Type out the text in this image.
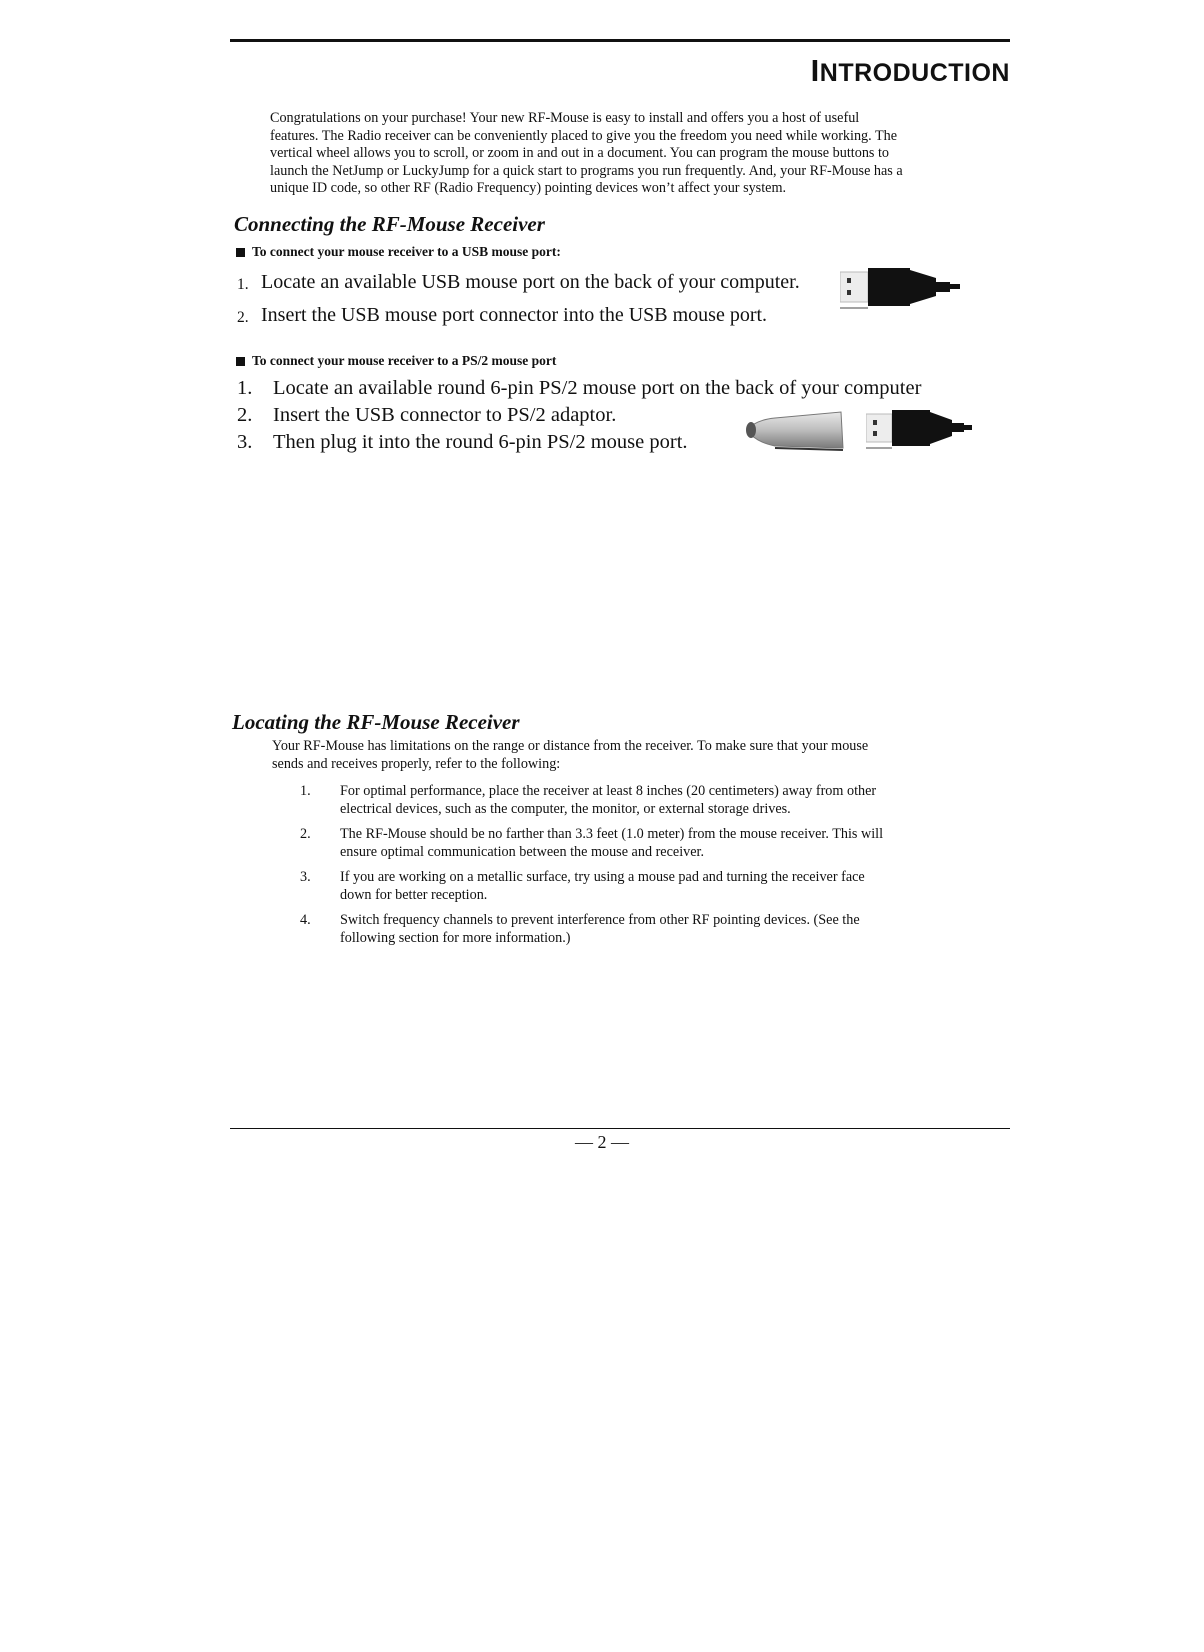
INTRODUCTION

Congratulations on your purchase! Your new RF-Mouse is easy to install and offers you a host of useful
features. The Radio receiver can be conveniently placed to give you the freedom you need while working. The
vertical wheel allows you to scroll, or zoom in and out in a document. You can program the mouse buttons to
launch the NetJump or LuckyJump for a quick start to programs you run frequently. And, your RF-Mouse has a
unique ID code, so other RF (Radio Frequency) pointing devices won’t affect your system.

Connecting the RF-Mouse Receiver
To connect your mouse receiver to a USB mouse port:
1. Locate an available USB mouse port on the back of your computer.
2. Insert the USB mouse port connector into the USB mouse port.
To connect your mouse receiver to a PS/2 mouse port
1.	Locate an available round 6-pin PS/2 mouse port on the back of your computer
2.	Insert the USB connector to PS/2 adaptor.
3.	Then plug it into the round 6-pin PS/2 mouse port.
Locating the RF-Mouse Receiver

Your RF-Mouse has limitations on the range or distance from the receiver. To make sure that your mouse
sends and receives properly, refer to the following:

1.	For optimal performance, place the receiver at least 8 inches (20 centimeters) away from other
electrical devices, such as the computer, the monitor, or external storage drives.
2.	The RF-Mouse should be no farther than 3.3 feet (1.0 meter) from the mouse receiver. This will
ensure optimal communication between the mouse and receiver.
3.	If you are working on a metallic surface, try using a mouse pad and turning the receiver face
down for better reception.
4.	Switch frequency channels to prevent interference from other RF pointing devices. (See the
following section for more information.)
— 2 —
